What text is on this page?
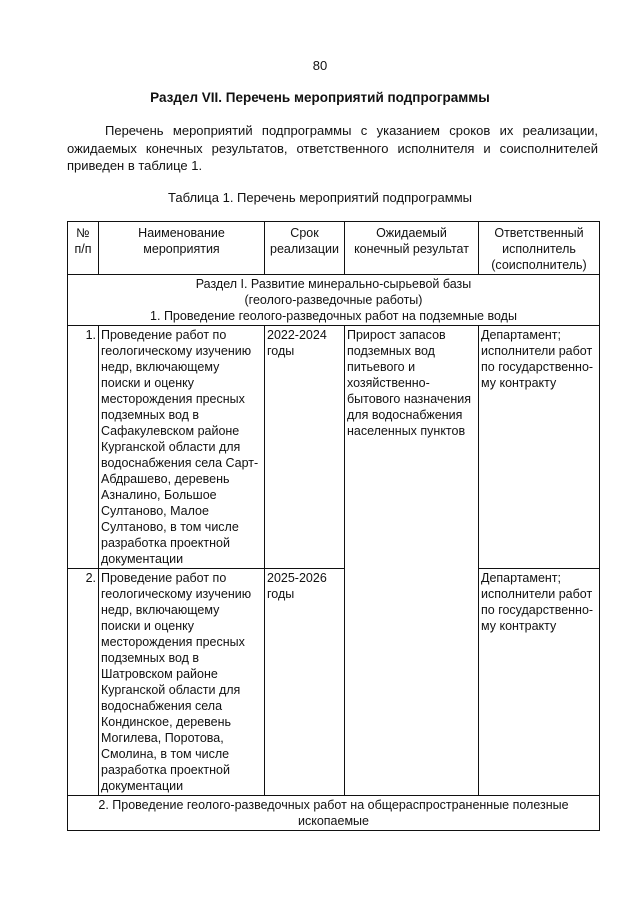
80
Раздел VII. Перечень мероприятий подпрограммы

Перечень мероприятий подпрограммы с указанием сроков их реализации, ожидаемых конечных результатов, ответственного исполнителя и соисполнителей приведен в таблице 1.

Таблица 1. Перечень мероприятий подпрограммы
№ п/п	Наименование мероприятия	Срок реализации	Ожидаемый конечный результат	Ответственный исполнитель (соисполнитель)

Раздел I. Развитие минерально-сырьевой базы
(геолого-разведочные работы)
1. Проведение геолого-разведочных работ на подземные воды				

1.	Проведение работ по геологическому изучению недр, включающему поиски и оценку месторождения пресных подземных вод в Сафакулевском районе Курганской области для водоснабжения села Сарт-Абдрашево, деревень Азналино, Большое Султаново, Малое Султаново, в том числе разработка проектной документации	2022-2024 годы	Прирост запасов подземных вод питьевого и хозяйственно-бытового назначения для водоснабжения населенных пунктов	Департамент; исполнители работ по государственно-му контракту
2.	Проведение работ по геологическому изучению недр, включающему поиски и оценку месторождения пресных подземных вод в Шатровском районе Курганской области для водоснабжения села Кондинское, деревень Могилева, Поротова, Смолина, в том числе разработка проектной документации	2025-2026 годы		Департамент; исполнители работ по государственно-му контракту

2. Проведение геолого-разведочных работ на общераспространенные полезные
ископаемые				
